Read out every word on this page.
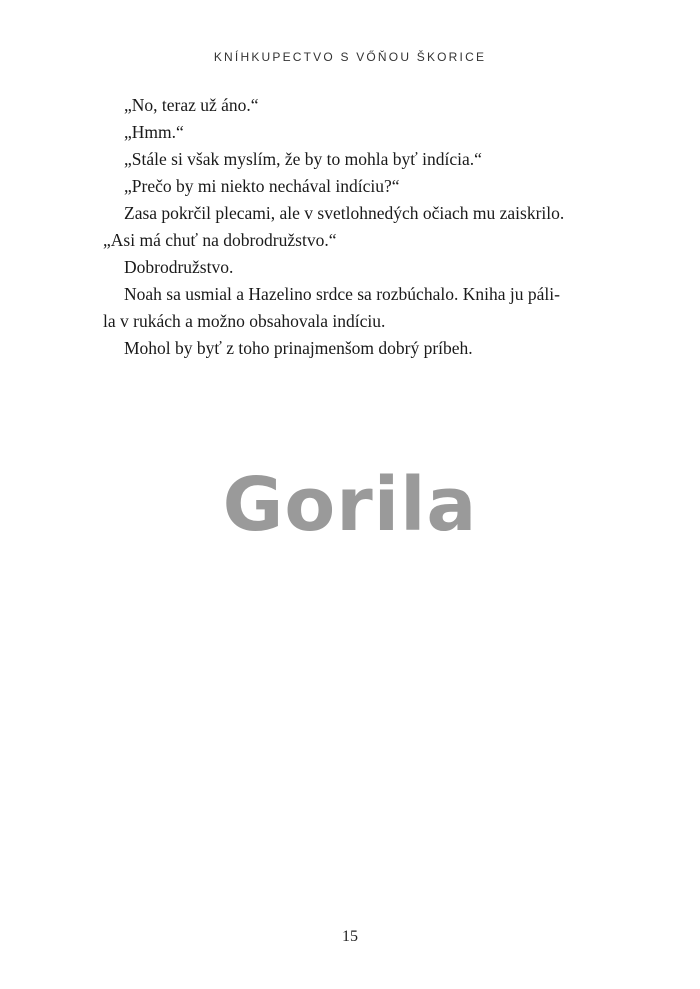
KNÍHKUPECTVO S VŐŇOU ŠKORICE

„No, teraz už áno.“

„Hmm.“

„Stále si však myslím, že by to mohla byť indícia.“

„Prečo by mi niekto nechával indíciu?“

Zasa pokrčil plecami, ale v svetlohnedých očiach mu zaiskrilo.

„Asi má chuť na dobrodružstvo.“

Dobrodružstvo.

Noah sa usmial a Hazelino srdce sa rozbúchalo. Kniha ju páli-

la v rukách a možno obsahovala indíciu.

Mohol by byť z toho prinajmenšom dobrý príbeh.

Gorila
15
